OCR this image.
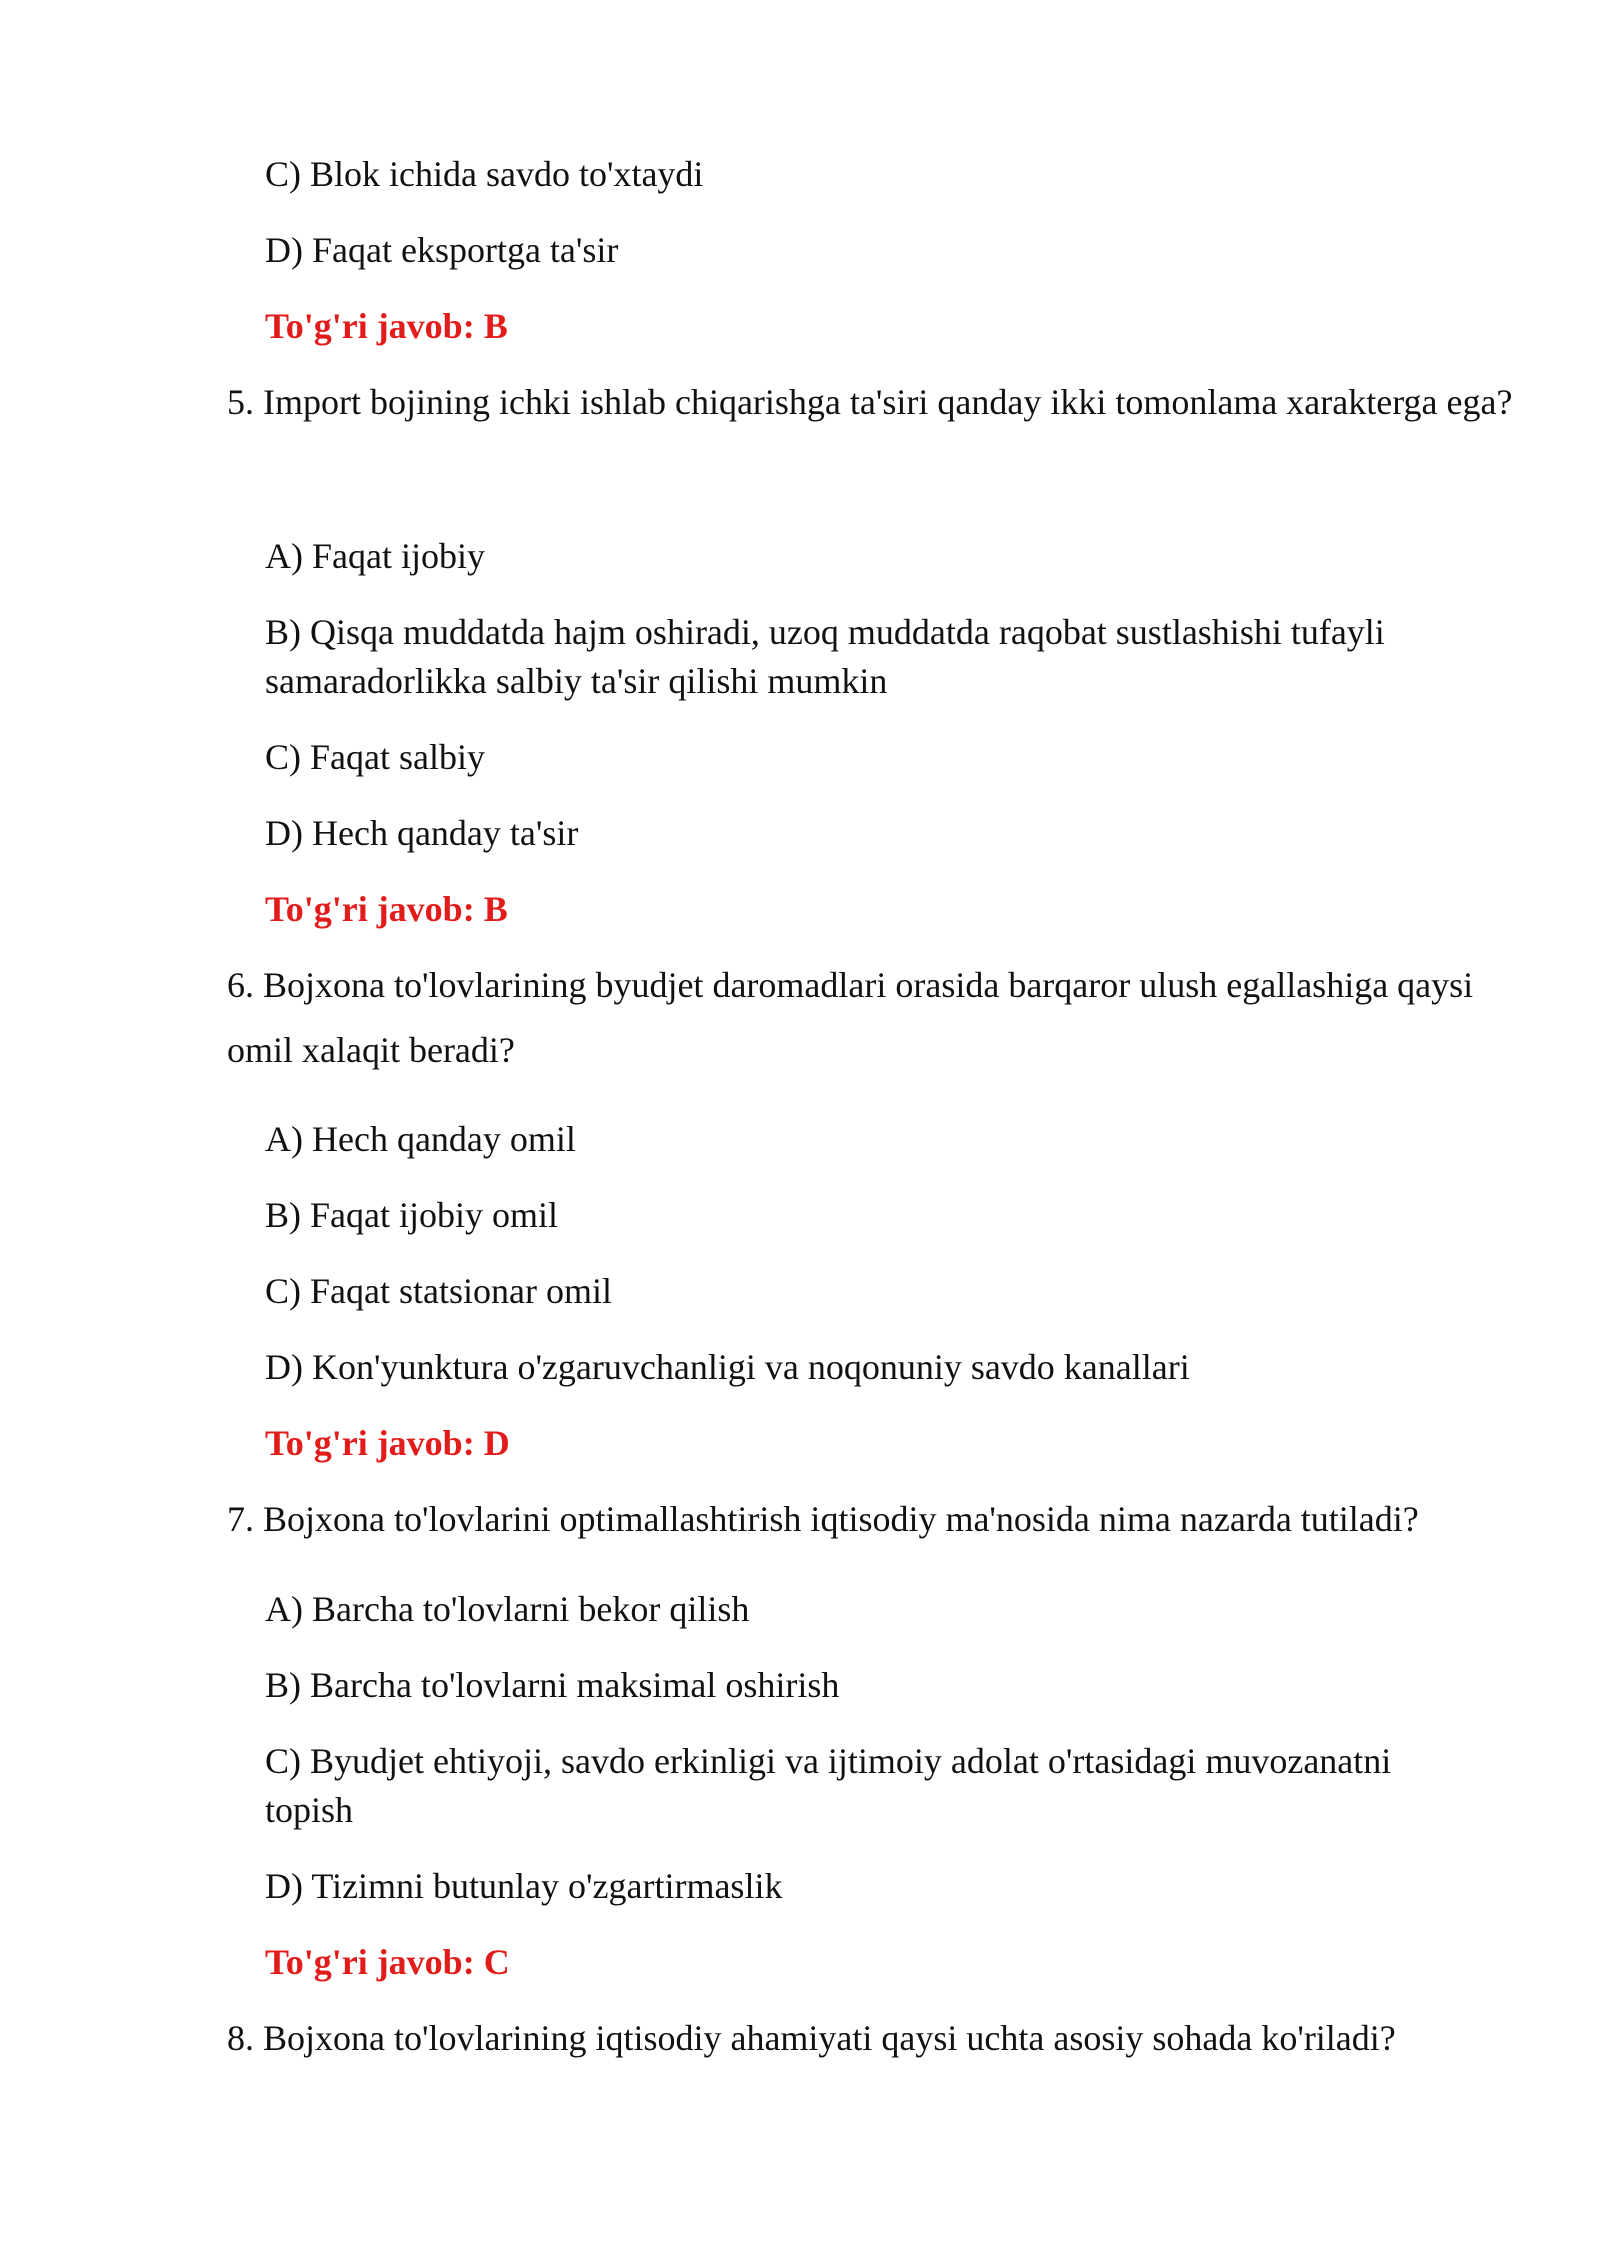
C) Blok ichida savdo to'xtaydi
D) Faqat eksportga ta'sir
To'g'ri javob: B
5. Import bojining ichki ishlab chiqarishga ta'siri qanday ikki tomonlama xarakterga ega?
A) Faqat ijobiy
B) Qisqa muddatda hajm oshiradi, uzoq muddatda raqobat sustlashishi tufayli samaradorlikka salbiy ta'sir qilishi mumkin
C) Faqat salbiy
D) Hech qanday ta'sir
To'g'ri javob: B
6. Bojxona to'lovlarining byudjet daromadlari orasida barqaror ulush egallashiga qaysi omil xalaqit beradi?
A) Hech qanday omil
B) Faqat ijobiy omil
C) Faqat statsionar omil
D) Kon'yunktura o'zgaruvchanligi va noqonuniy savdo kanallari
To'g'ri javob: D
7. Bojxona to'lovlarini optimallashtirish iqtisodiy ma'nosida nima nazarda tutiladi?
A) Barcha to'lovlarni bekor qilish
B) Barcha to'lovlarni maksimal oshirish
C) Byudjet ehtiyoji, savdo erkinligi va ijtimoiy adolat o'rtasidagi muvozanatni topish
D) Tizimni butunlay o'zgartirmaslik
To'g'ri javob: C
8. Bojxona to'lovlarining iqtisodiy ahamiyati qaysi uchta asosiy sohada ko'riladi?
